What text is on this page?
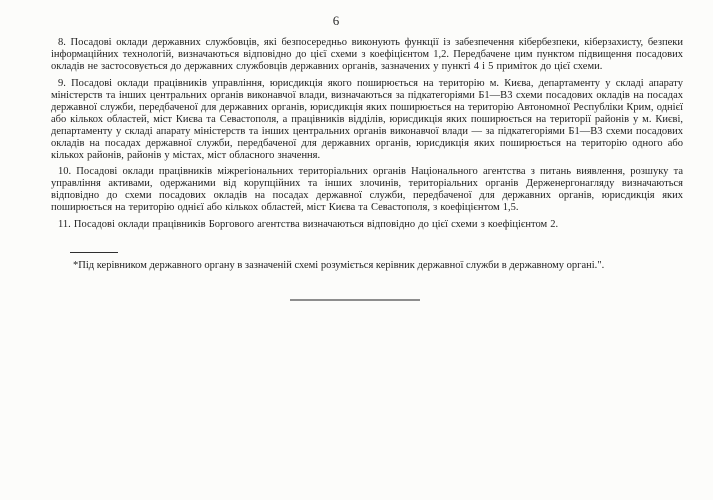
6

8. Посадові оклади державних службовців, які безпосередньо виконують функції із забезпечення кібербезпеки, кіберзахисту, безпеки інформаційних технологій, визначаються відповідно до цієї схеми з коефіцієнтом 1,2. Передбачене цим пунктом підвищення посадових окладів не застосовується до державних службовців державних органів, зазначених у пункті 4 і 5 приміток до цієї схеми.

9. Посадові оклади працівників управління, юрисдикція якого поширюється на територію м. Києва, департаменту у складі апарату міністерств та інших центральних органів виконавчої влади, визначаються за підкатегоріями Б1—В3 схеми посадових окладів на посадах державної служби, передбаченої для державних органів, юрисдикція яких поширюється на територію Автономної Республіки Крим, однієї або кількох областей, міст Києва та Севастополя, а працівників відділів, юрисдикція яких поширюється на території районів у м. Києві, департаменту у складі апарату міністерств та інших центральних органів виконавчої влади — за підкатегоріями Б1—В3 схеми посадових окладів на посадах державної служби, передбаченої для державних органів, юрисдикція яких поширюється на територію одного або кількох районів, районів у містах, міст обласного значення.

10. Посадові оклади працівників міжрегіональних територіальних органів Національного агентства з питань виявлення, розшуку та управління активами, одержаними від корупційних та інших злочинів, територіальних органів Держенергонагляду визначаються відповідно до схеми посадових окладів на посадах державної служби, передбаченої для державних органів, юрисдикція яких поширюється на територію однієї або кількох областей, міст Києва та Севастополя, з коефіцієнтом 1,5.

11. Посадові оклади працівників Боргового агентства визначаються відповідно до цієї схеми з коефіцієнтом 2.

*Під керівником державного органу в зазначеній схемі розуміється керівник державної служби в державному органі.".
